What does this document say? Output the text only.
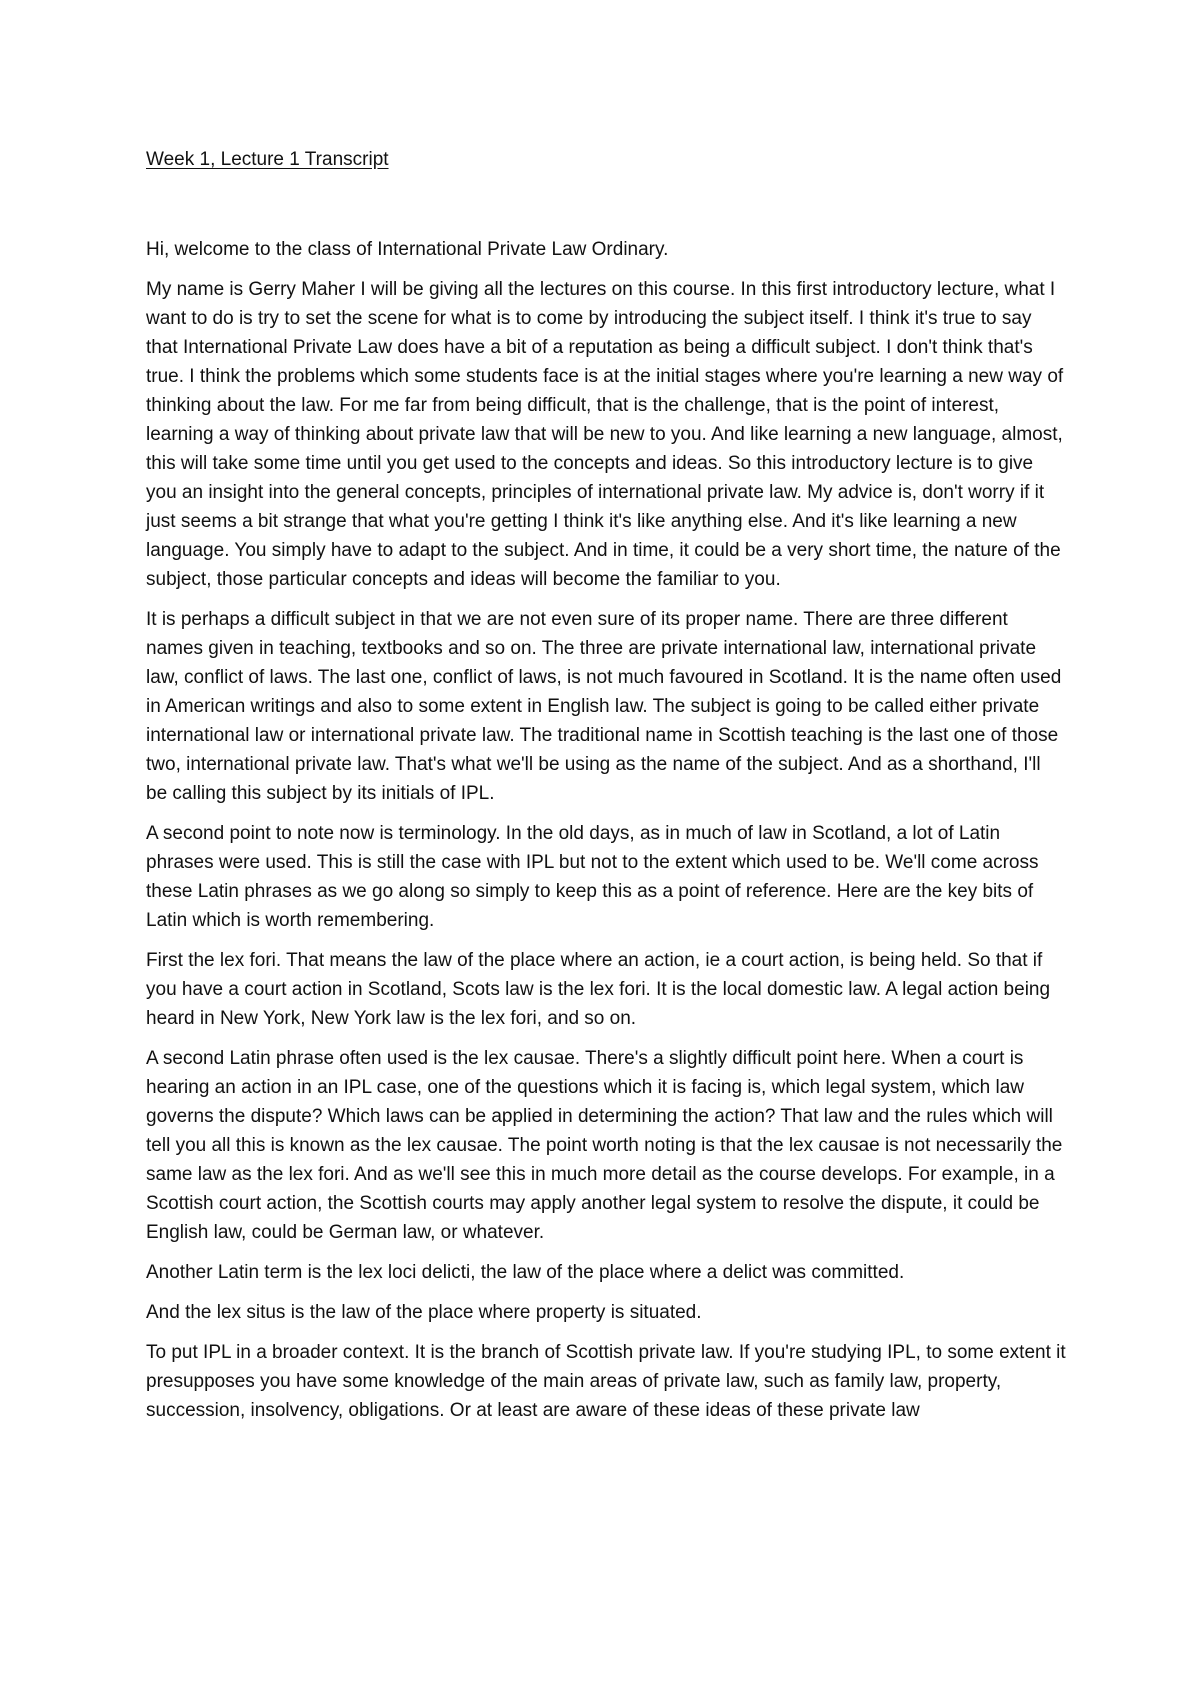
Week 1, Lecture 1 Transcript

Hi, welcome to the class of International Private Law Ordinary.

My name is Gerry Maher I will be giving all the lectures on this course. In this first introductory lecture, what I want to do is try to set the scene for what is to come by introducing the subject itself. I think it's true to say that International Private Law does have a bit of a reputation as being a difficult subject. I don't think that's true. I think the problems which some students face is at the initial stages where you're learning a new way of thinking about the law. For me far from being difficult, that is the challenge, that is the point of interest, learning a way of thinking about private law that will be new to you. And like learning a new language, almost, this will take some time until you get used to the concepts and ideas. So this introductory lecture is to give you an insight into the general concepts, principles of international private law. My advice is, don't worry if it just seems a bit strange that what you're getting I think it's like anything else. And it's like learning a new language. You simply have to adapt to the subject. And in time, it could be a very short time, the nature of the subject, those particular concepts and ideas will become the familiar to you.

It is perhaps a difficult subject in that we are not even sure of its proper name. There are three different names given in teaching, textbooks and so on. The three are private international law, international private law, conflict of laws. The last one, conflict of laws, is not much favoured in Scotland. It is the name often used in American writings and also to some extent in English law. The subject is going to be called either private international law or international private law. The traditional name in Scottish teaching is the last one of those two, international private law. That's what we'll be using as the name of the subject. And as a shorthand, I'll be calling this subject by its initials of IPL.

A second point to note now is terminology. In the old days, as in much of law in Scotland, a lot of Latin phrases were used. This is still the case with IPL but not to the extent which used to be. We'll come across these Latin phrases as we go along so simply to keep this as a point of reference. Here are the key bits of Latin which is worth remembering.

First the lex fori. That means the law of the place where an action, ie a court action, is being held. So that if you have a court action in Scotland, Scots law is the lex fori. It is the local domestic law. A legal action being heard in New York, New York law is the lex fori, and so on.

A second Latin phrase often used is the lex causae. There's a slightly difficult point here. When a court is hearing an action in an IPL case, one of the questions which it is facing is, which legal system, which law governs the dispute? Which laws can be applied in determining the action? That law and the rules which will tell you all this is known as the lex causae. The point worth noting is that the lex causae is not necessarily the same law as the lex fori. And as we'll see this in much more detail as the course develops. For example, in a Scottish court action, the Scottish courts may apply another legal system to resolve the dispute, it could be English law, could be German law, or whatever.

Another Latin term is the lex loci delicti, the law of the place where a delict was committed.

And the lex situs is the law of the place where property is situated.

To put IPL in a broader context. It is the branch of Scottish private law. If you're studying IPL, to some extent it presupposes you have some knowledge of the main areas of private law, such as family law, property, succession, insolvency, obligations. Or at least are aware of these ideas of these private law
